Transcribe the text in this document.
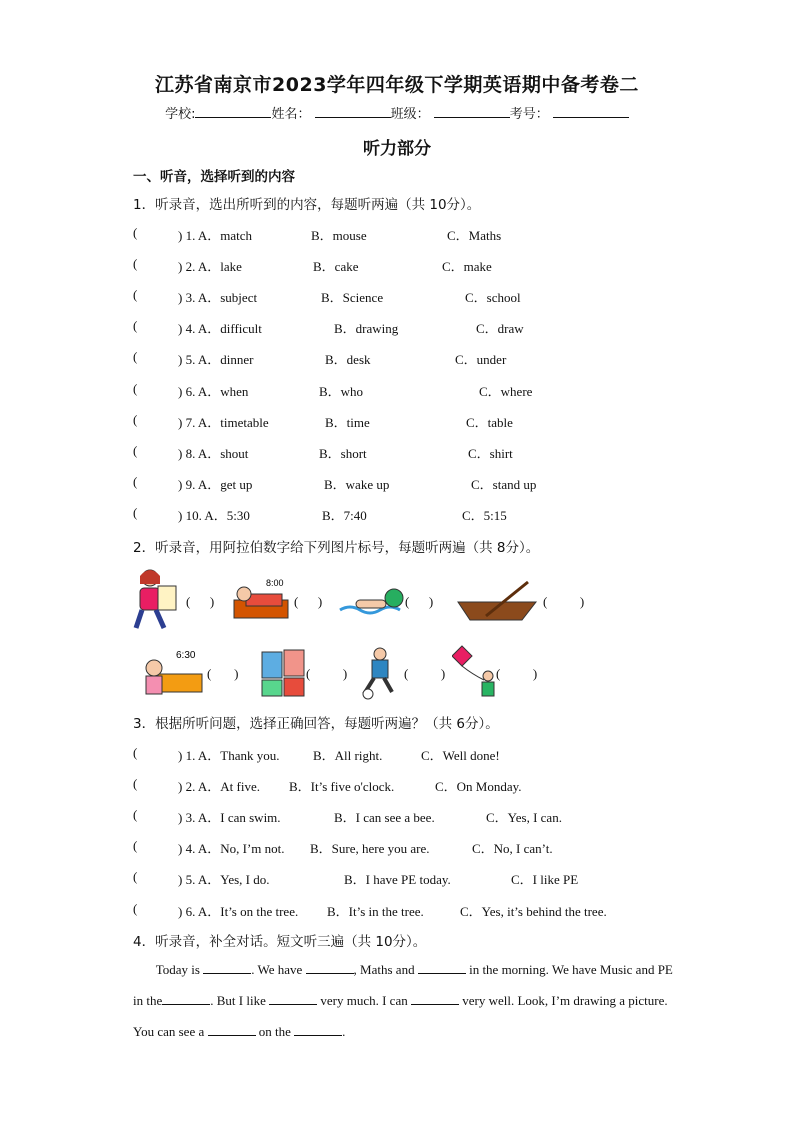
江苏省南京市2023学年四年级下学期英语期中备考卷二
学校:	姓名：	班级：	考号：
听力部分
一、听音，选择听到的内容
1．听录音，选出所听到的内容，每题听两遍（共 10分）。
(	) 1. A．match	B．mouse	C．Maths
(	) 2. A．lake	B．cake	C．make
(	) 3. A．subject	B．Science	C．school
(	) 4. A．difficult	B．drawing	C．draw
(	) 5. A．dinner	B．desk	C．under
(	) 6. A．when	B．who	C．where
(	) 7. A．timetable	B．time	C．table
(	) 8. A．shout	B．short	C．shirt
(	) 9. A．get up	B．wake up	C．stand up
(	) 10. A．5:30	B．7:40	C．5:15
2．听录音，用阿拉伯数字给下列图片标号，每题听两遍（共 8分）。
(      )
8:00
(      )	(      )	(          )
6:30
(       )	(          )	(          )	(          )
3．根据所听问题，选择正确回答，每题听两遍？（共 6分）。
(	) 1. A．Thank you.	B．All right.	C．Well done!
(	) 2. A．At five. B．It’s five o'clock.	C．On Monday.
(	) 3. A．I can swim.	B．I can see a bee.	C．Yes, I can.
(	) 4. A．No, I’m not. B．Sure, here you are.	C．No, I can’t.
(	) 5. A．Yes, I do.	B．I have PE today.	C．I like PE
(	) 6. A．It’s on the tree. B．It’s in the tree.	C．Yes, it’s behind the tree.
4．听录音，补全对话。短文听三遍（共 10分）。
Today is	. We have	, Maths and	in the morning. We have Music and PE in the	. But I like	very much. I can	very well. Look, I’m drawing a picture. You can see a	on the	.
